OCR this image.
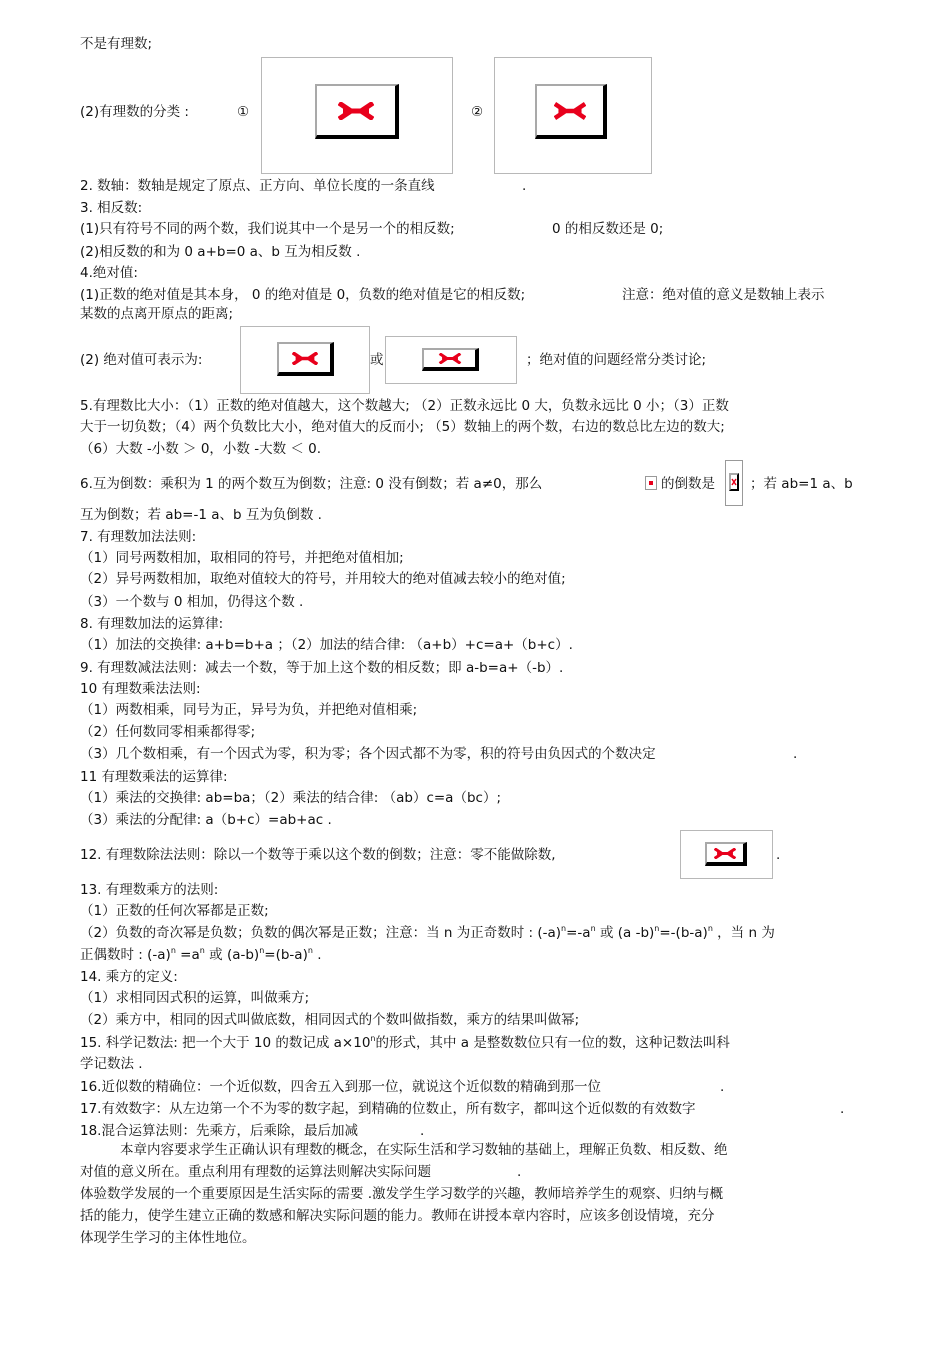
不是有理数;
(2)有理数的分类 :	①	②
2. 数轴：数轴是规定了原点、正方向、单位长度的一条直线	.
3. 相反数:
(1)只有符号不同的两个数，我们说其中一个是另一个的相反数;	0 的相反数还是 0;
(2)相反数的和为 0 a+b=0 a、b 互为相反数 .
4.绝对值:
(1)正数的绝对值是其本身， 0 的绝对值是 0，负数的绝对值是它的相反数;	注意：绝对值的意义是数轴上表示
某数的点离开原点的距离;
(2) 绝对值可表示为:	或	；绝对值的问题经常分类讨论;
5.有理数比大小：（1）正数的绝对值越大，这个数越大; （2）正数永远比 0 大，负数永远比 0 小；（3）正数
大于一切负数；（4）两个负数比大小，绝对值大的反而小; （5）数轴上的两个数，右边的数总比左边的数大;
（6）大数 -小数 ＞ 0，小数 -大数 ＜ 0.
6.互为倒数：乘积为 1 的两个数互为倒数；注意: 0 没有倒数；若 a≠0，那么	的倒数是	；若 ab=1 a、b
互为倒数；若 ab=-1 a、b 互为负倒数 .
7. 有理数加法法则:
（1）同号两数相加，取相同的符号，并把绝对值相加;
（2）异号两数相加，取绝对值较大的符号，并用较大的绝对值减去较小的绝对值;
（3）一个数与 0 相加，仍得这个数 .
8. 有理数加法的运算律:
（1）加法的交换律: a+b=b+a ；（2）加法的结合律: （a+b）+c=a+（b+c）.
9. 有理数减法法则：减去一个数，等于加上这个数的相反数；即 a-b=a+（-b）.
10 有理数乘法法则:
（1）两数相乘，同号为正，异号为负，并把绝对值相乘;
（2）任何数同零相乘都得零;
（3）几个数相乘，有一个因式为零，积为零；各个因式都不为零，积的符号由负因式的个数决定	.
11 有理数乘法的运算律:
（1）乘法的交换律: ab=ba；（2）乘法的结合律: （ab）c=a（bc）;
（3）乘法的分配律: a（b+c）=ab+ac .
12. 有理数除法法则：除以一个数等于乘以这个数的倒数；注意：零不能做除数,	.
13. 有理数乘方的法则:
（1）正数的任何次幂都是正数;
（2）负数的奇次幂是负数；负数的偶次幂是正数；注意：当 n 为正奇数时 : $(-a)^n=-a^n$ 或 (a $-b)^n=-(b-a)^n$ ，当 n 为
正偶数时 : $(-a)^n =a^n$ 或 $(a-b)^n=(b-a)^n$ .
14. 乘方的定义:
（1）求相同因式积的运算，叫做乘方;
（2）乘方中，相同的因式叫做底数，相同因式的个数叫做指数，乘方的结果叫做幂;
15. 科学记数法: 把一个大于 10 的数记成 $a\times 10^n$的形式，其中 a 是整数数位只有一位的数，这种记数法叫科
学记数法 .
16.近似数的精确位：一个近似数，四舍五入到那一位，就说这个近似数的精确到那一位	.
17.有效数字：从左边第一个不为零的数字起，到精确的位数止，所有数字，都叫这个近似数的有效数字	.
18.混合运算法则：先乘方，后乘除，最后加减	.
本章内容要求学生正确认识有理数的概念，在实际生活和学习数轴的基础上，理解正负数、相反数、绝
对值的意义所在。重点利用有理数的运算法则解决实际问题	.
体验数学发展的一个重要原因是生活实际的需要 .激发学生学习数学的兴趣，教师培养学生的观察、归纳与概
括的能力，使学生建立正确的数感和解决实际问题的能力。教师在讲授本章内容时，应该多创设情境，充分
体现学生学习的主体性地位。
